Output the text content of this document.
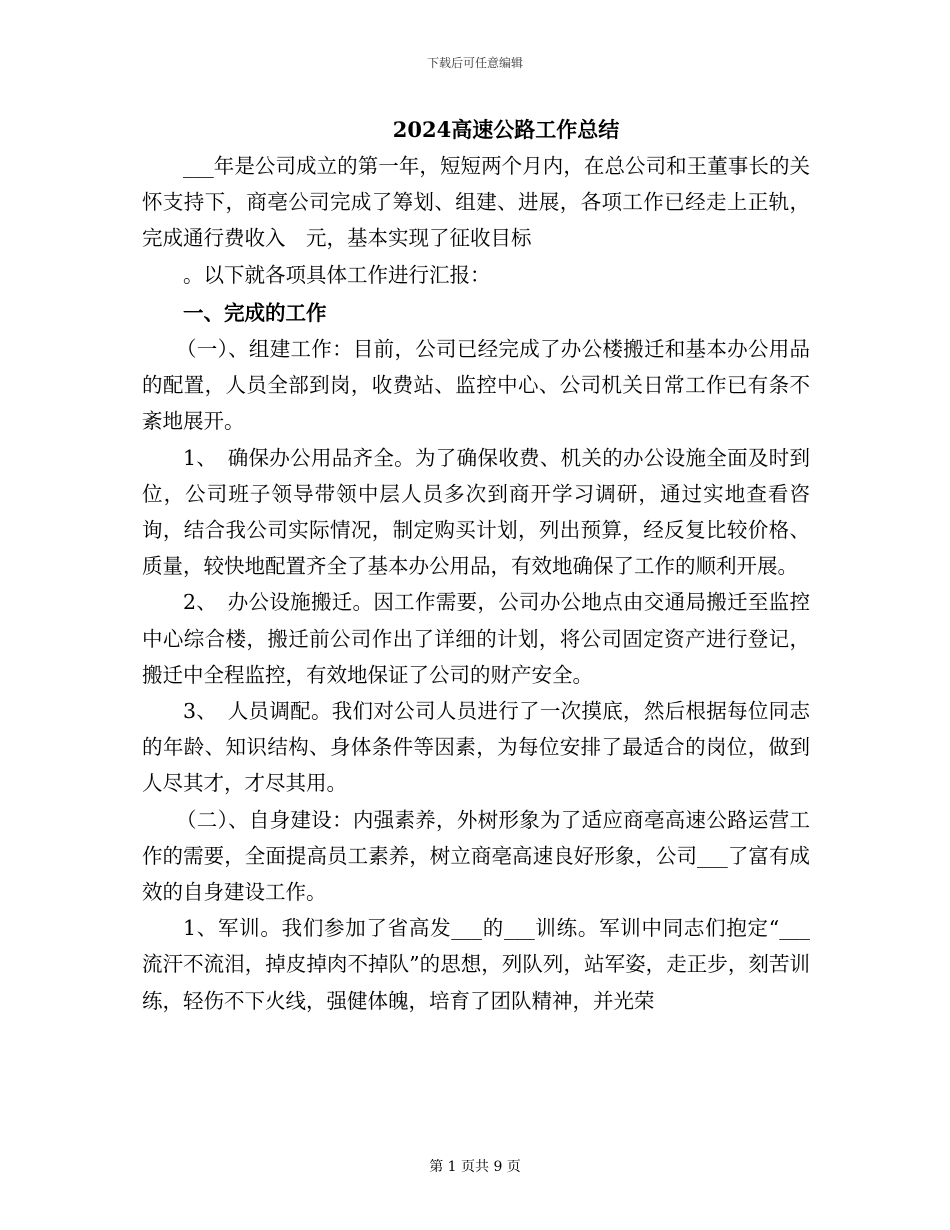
下载后可任意编辑
2024高速公路工作总结

___年是公司成立的第一年，短短两个月内，在总公司和王董事长的关怀支持下，商亳公司完成了筹划、组建、进展，各项工作已经走上正轨，完成通行费收入　元，基本实现了征收目标

。以下就各项具体工作进行汇报：

一、完成的工作

（一）、组建工作：目前，公司已经完成了办公楼搬迁和基本办公用品的配置，人员全部到岗，收费站、监控中心、公司机关日常工作已有条不紊地展开。

1、　确保办公用品齐全。为了确保收费、机关的办公设施全面及时到位，公司班子领导带领中层人员多次到商开学习调研，通过实地查看咨询，结合我公司实际情况，制定购买计划，列出预算，经反复比较价格、质量，较快地配置齐全了基本办公用品，有效地确保了工作的顺利开展。

2、　办公设施搬迁。因工作需要，公司办公地点由交通局搬迁至监控中心综合楼，搬迁前公司作出了详细的计划，将公司固定资产进行登记，搬迁中全程监控，有效地保证了公司的财产安全。

3、　人员调配。我们对公司人员进行了一次摸底，然后根据每位同志的年龄、知识结构、身体条件等因素，为每位安排了最适合的岗位，做到人尽其才，才尽其用。

（二）、自身建设：内强素养，外树形象为了适应商亳高速公路运营工作的需要，全面提高员工素养，树立商亳高速良好形象，公司___了富有成效的自身建设工作。

1、军训。我们参加了省高发___的___训练。军训中同志们抱定“___流汗不流泪，掉皮掉肉不掉队”的思想，列队列，站军姿，走正步，刻苦训练，轻伤不下火线，强健体魄，培育了团队精神，并光荣

第 1 页共 9 页
